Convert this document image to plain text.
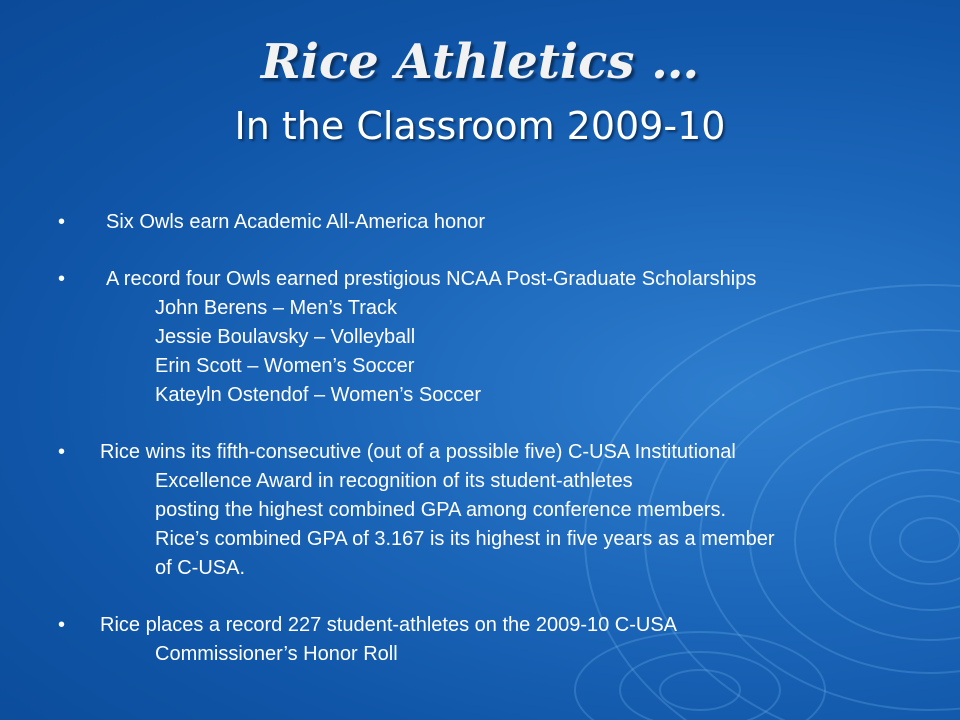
Rice Athletics …
In the Classroom 2009-10
• Six Owls earn Academic All-America honor
• A record four Owls earned prestigious NCAA Post-Graduate Scholarships
John Berens – Men’s Track
Jessie Boulavsky – Volleyball
Erin Scott – Women’s Soccer
Kateyln Ostendof – Women’s Soccer
• Rice wins its fifth-consecutive (out of a possible five) C-USA Institutional
Excellence Award in recognition of its student-athletes
posting the highest combined GPA among conference members.
Rice’s combined GPA of 3.167 is its highest in five years as a member
of C-USA.
• Rice places a record 227 student-athletes on the 2009-10 C-USA
Commissioner’s Honor Roll
